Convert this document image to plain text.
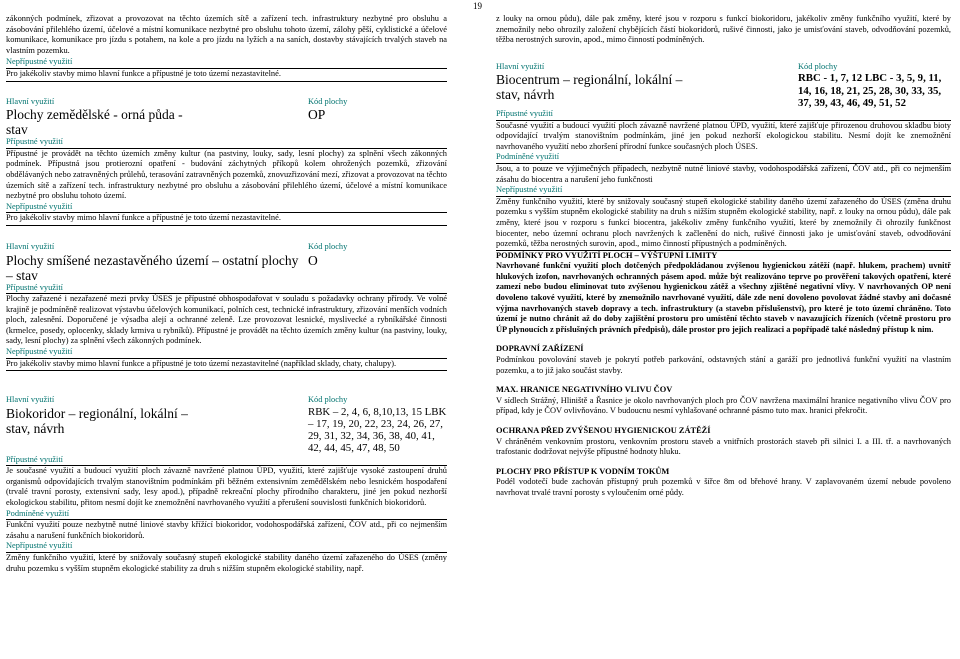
19

zákonných podmínek, zřizovat a provozovat na těchto územích sítě a zařízení tech. infrastruktury nezbytné pro obsluhu a zásobování přilehlého území, účelové a místní komunikace nezbytné pro obsluhu tohoto území, zálohy pěší, cyklistické a účelové komunikace, komunikace pro jízdu s potahem, na kole a pro jízdu na lyžích a na saních, dostavby stávajících trvalých staveb na vlastním pozemku.

Nepřípustné využití
Pro jakékoliv stavby mimo hlavní funkce a přípustné je toto území nezastavitelné.
Hlavní využití
Plochy zemědělské - orná půda - stav
Kód plochy
OP
Přípustné využití

Přípustné je provádět na těchto územích změny kultur (na pastviny, louky, sady, lesní plochy) za splnění všech zákonných podmínek. Přípustná jsou protierozní opatření - budování záchytných příkopů kolem ohrožených pozemků, zřizování obdělávaných nebo zatravněných průlehů, terasování zatravněných pozemků, znovuzřizování mezí, zřizovat a provozovat na těchto územích sítě a zařízení tech. infrastruktury nezbytné pro obsluhu a zásobování přilehlého území, účelové a místní komunikace nezbytné pro obsluhu tohoto území.

Nepřípustné využití
Pro jakékoliv stavby mimo hlavní funkce a přípustné je toto území nezastavitelné.
Hlavní využití
Plochy smíšené nezastavěného území – ostatní plochy – stav
Kód plochy
O
Přípustné využití

Plochy zařazené i nezařazené mezi prvky ÚSES je přípustné obhospodařovat v souladu s požadavky ochrany přírody. Ve volné krajině je podmíněně realizovat výstavbu účelových komunikací, polních cest, technické infrastruktury, zřizování menších vodních ploch, zalesnění. Doporučené je výsadba alejí a ochranné zeleně. Lze provozovat lesnické, myslivecké a rybníkářské činnosti (krmelce, posedy, oplocenky, sklady krmiva u rybníků). Přípustné je provádět na těchto územích změny kultur (na pastviny, louky, sady, lesní plochy) za splnění všech zákonných podmínek.

Nepřípustné využití
Pro jakékoliv stavby mimo hlavní funkce a přípustné je toto území nezastavitelné (například sklady, chaty, chalupy).
Hlavní využití
Biokoridor – regionální, lokální – stav, návrh
Kód plochy
RBK – 2, 4, 6, 8,10,13, 15 LBK – 17, 19, 20, 22, 23, 24, 26, 27, 29, 31, 32, 34, 36, 38, 40, 41, 42, 44, 45, 47, 48, 50
Přípustné využití

Je současné využití a budoucí využití ploch závazně navržené platnou ÚPD, využití, které zajišťuje vysoké zastoupení druhů organismů odpovídajících trvalým stanovištním podmínkám při běžném extensivním zemědělském nebo lesnickém hospodaření (trvalé travní porosty, extensivní sady, lesy apod.), případně rekreační plochy přírodního charakteru, jiné jen pokud nezhorší ekologickou stabilitu, přitom nesmí dojít ke znemožnění navrhovaného využití a přerušení souvislosti funkčních biokoridorů.

Podmíněné využití

Funkční využití pouze nezbytně nutné liniové stavby křížící biokoridor, vodohospodářská zařízení, ČOV atd., při co nejmenším zásahu a narušení funkčních biokoridorů.

Nepřípustné využití

Změny funkčního využití, které by snižovaly současný stupeň ekologické stability daného území zařazeného do ÚSES (změny druhu pozemku s vyšším stupněm ekologické stability za druh s nižším stupněm ekologické stability, např.

z louky na ornou půdu), dále pak změny, které jsou v rozporu s funkcí biokoridoru, jakékoliv změny funkčního využití, které by znemožnily nebo ohrozily založení chybějících částí biokoridorů, rušivé činnosti, jako je umisťování staveb, odvodňování pozemků, těžba nerostných surovin, apod., mimo činností podmíněných.

Hlavní využití
Biocentrum – regionální, lokální – stav, návrh
Kód plochy
RBC - 1, 7, 12 LBC - 3, 5, 9, 11, 14, 16, 18, 21, 25, 28, 30, 33, 35, 37, 39, 43, 46, 49, 51, 52
Přípustné využití

Současné využití a budoucí využití ploch závazně navržené platnou ÚPD, využití, které zajišťuje přirozenou druhovou skladbu bioty odpovídající trvalým stanovištním podmínkám, jiné jen pokud nezhorší ekologickou stabilitu. Nesmí dojít ke znemožnění navrhovaného využití nebo zhoršení přírodní funkce současných ploch ÚSES.

Podmíněné využití

Jsou, a to pouze ve výjimečných případech, nezbytně nutné liniové stavby, vodohospodářská zařízení, ČOV atd., při co nejmenším zásahu do biocentra a narušení jeho funkčnosti

Nepřípustné využití

Změny funkčního využití, které by snižovaly současný stupeň ekologické stability daného území zařazeného do ÚSES (změna druhu pozemku s vyšším stupněm ekologické stability na druh s nižším stupněm ekologické stability, např. z louky na ornou půdu), dále pak změny, které jsou v rozporu s funkcí biocentra, jakékoliv změny funkčního využití, které by znemožnily či ohrozily funkčnost biocenter, nebo územní ochranu ploch navržených k začlenění do nich, rušivé činnosti jako je umisťování staveb, odvodňování pozemků, těžba nerostných surovin, apod., mimo činností přípustných a podmíněných.

PODMÍNKY PRO VYUŽITÍ PLOCH – VÝŠTUPNÍ LIMITY

Navrhované funkční využití ploch dotčených předpokládanou zvýšenou hygienickou zátěží (např. hlukem, prachem) uvnitř hlukových izofon, navrhovaných ochranných pásem apod. může být realizováno teprve po prověření takových opatření, které zamezí nebo budou eliminovat tuto zvýšenou hygienickou zátěž a všechny zjištěné negativní vlivy. V navrhovaných OP není dovoleno takové využití, které by znemožnilo navrhované využití, dále zde není dovoleno povolovat žádné stavby ani dočasné výjma navrhovaných staveb dopravy a tech. infrastruktury (a stavebn příslušenství), pro které je toto území chráněno. Toto území je nutno chránit až do doby zajištění prostoru pro umístění těchto staveb v navazujících řízeních (včetně prostoru pro ÚP plynoucích z příslušných právních předpisů), dále prostor pro jejich realizaci a popřípadě také následný přístup k nim.

DOPRAVNÍ ZAŘÍZENÍ

Podmínkou povolování staveb je pokrytí potřeb parkování, odstavných stání a garáží pro jednotlivá funkční využití na vlastním pozemku, a to již jako součást stavby.

MAX. HRANICE NEGATIVNÍHO VLIVU ČOV

V sídlech Strážný, Hliniště a Řasnice je okolo navrhovaných ploch pro ČOV navržena maximální hranice negativního vlivu ČOV pro případ, kdy je ČOV ovlivňováno. V budoucnu nesmí vyhlašované ochranné pásmo tuto max. hranici překročit.

OCHRANA PŘED ZVÝŠENOU HYGIENICKOU ZÁTĚŽÍ

V chráněném venkovním prostoru, venkovním prostoru staveb a vnitřních prostorách staveb při silnici I. a III. tř. a navrhovaných trafostanic dodržovat nejvýše přípustné hodnoty hluku.

PLOCHY PRO PŘÍSTUP K VODNÍM TOKŮM

Podél vodotečí bude zachován přístupný pruh pozemků v šířce 8m od břehové hrany. V zaplavovaném území nebude povoleno navrhovat trvalé travní porosty s vyloučením orné půdy.
